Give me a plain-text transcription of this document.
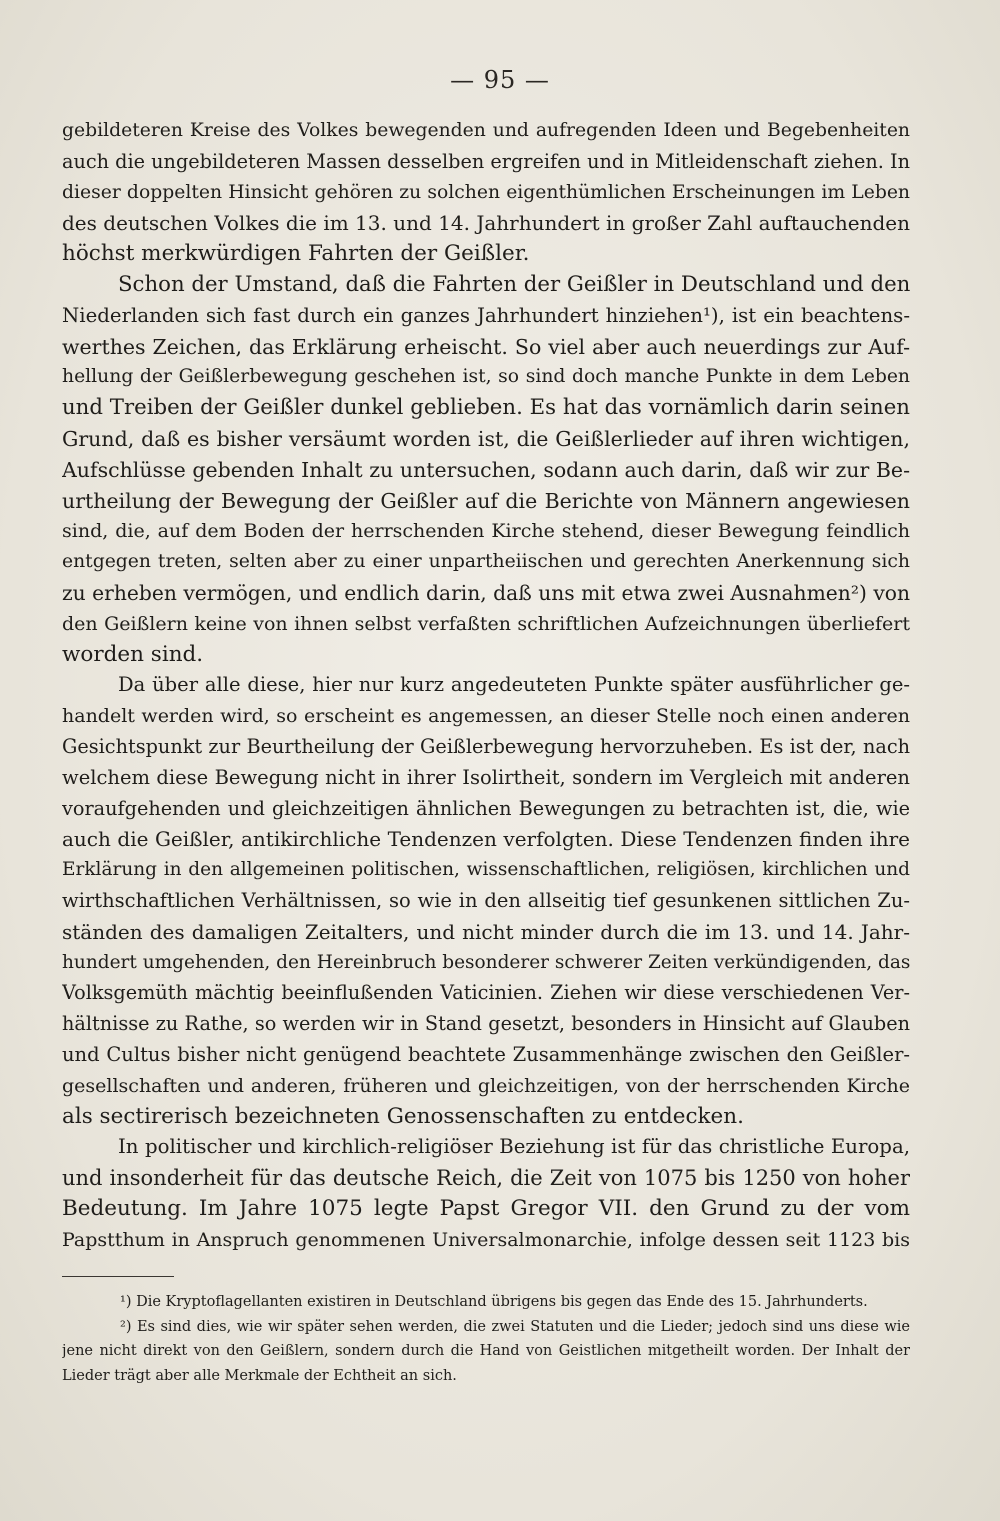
— 95 —
gebildeteren Kreise des Volkes bewegenden und aufregenden Ideen und Begebenheiten
auch die ungebildeteren Massen desselben ergreifen und in Mitleidenschaft ziehen. In
dieser doppelten Hinsicht gehören zu solchen eigenthümlichen Erscheinungen im Leben
des deutschen Volkes die im 13. und 14. Jahrhundert in großer Zahl auftauchenden
höchst merkwürdigen Fahrten der Geißler.
Schon der Umstand, daß die Fahrten der Geißler in Deutschland und den
Niederlanden sich fast durch ein ganzes Jahrhundert hinziehen¹), ist ein beachtens-
werthes Zeichen, das Erklärung erheischt. So viel aber auch neuerdings zur Auf-
hellung der Geißlerbewegung geschehen ist, so sind doch manche Punkte in dem Leben
und Treiben der Geißler dunkel geblieben. Es hat das vornämlich darin seinen
Grund, daß es bisher versäumt worden ist, die Geißlerlieder auf ihren wichtigen,
Aufschlüsse gebenden Inhalt zu untersuchen, sodann auch darin, daß wir zur Be-
urtheilung der Bewegung der Geißler auf die Berichte von Männern angewiesen
sind, die, auf dem Boden der herrschenden Kirche stehend, dieser Bewegung feindlich
entgegen treten, selten aber zu einer unpartheiischen und gerechten Anerkennung sich
zu erheben vermögen, und endlich darin, daß uns mit etwa zwei Ausnahmen²) von
den Geißlern keine von ihnen selbst verfaßten schriftlichen Aufzeichnungen überliefert
worden sind.
Da über alle diese, hier nur kurz angedeuteten Punkte später ausführlicher ge-
handelt werden wird, so erscheint es angemessen, an dieser Stelle noch einen anderen
Gesichtspunkt zur Beurtheilung der Geißlerbewegung hervorzuheben. Es ist der, nach
welchem diese Bewegung nicht in ihrer Isolirtheit, sondern im Vergleich mit anderen
voraufgehenden und gleichzeitigen ähnlichen Bewegungen zu betrachten ist, die, wie
auch die Geißler, antikirchliche Tendenzen verfolgten. Diese Tendenzen finden ihre
Erklärung in den allgemeinen politischen, wissenschaftlichen, religiösen, kirchlichen und
wirthschaftlichen Verhältnissen, so wie in den allseitig tief gesunkenen sittlichen Zu-
ständen des damaligen Zeitalters, und nicht minder durch die im 13. und 14. Jahr-
hundert umgehenden, den Hereinbruch besonderer schwerer Zeiten verkündigenden, das
Volksgemüth mächtig beeinflußenden Vaticinien. Ziehen wir diese verschiedenen Ver-
hältnisse zu Rathe, so werden wir in Stand gesetzt, besonders in Hinsicht auf Glauben
und Cultus bisher nicht genügend beachtete Zusammenhänge zwischen den Geißler-
gesellschaften und anderen, früheren und gleichzeitigen, von der herrschenden Kirche
als sectirerisch bezeichneten Genossenschaften zu entdecken.
In politischer und kirchlich-religiöser Beziehung ist für das christliche Europa,
und insonderheit für das deutsche Reich, die Zeit von 1075 bis 1250 von hoher
Bedeutung. Im Jahre 1075 legte Papst Gregor VII. den Grund zu der vom
Papstthum in Anspruch genommenen Universalmonarchie, infolge dessen seit 1123 bis
¹) Die Kryptoflagellanten existiren in Deutschland übrigens bis gegen das Ende des 15. Jahrhunderts.
²) Es sind dies, wie wir später sehen werden, die zwei Statuten und die Lieder; jedoch sind uns diese wie
jene nicht direkt von den Geißlern, sondern durch die Hand von Geistlichen mitgetheilt worden. Der Inhalt der
Lieder trägt aber alle Merkmale der Echtheit an sich.
